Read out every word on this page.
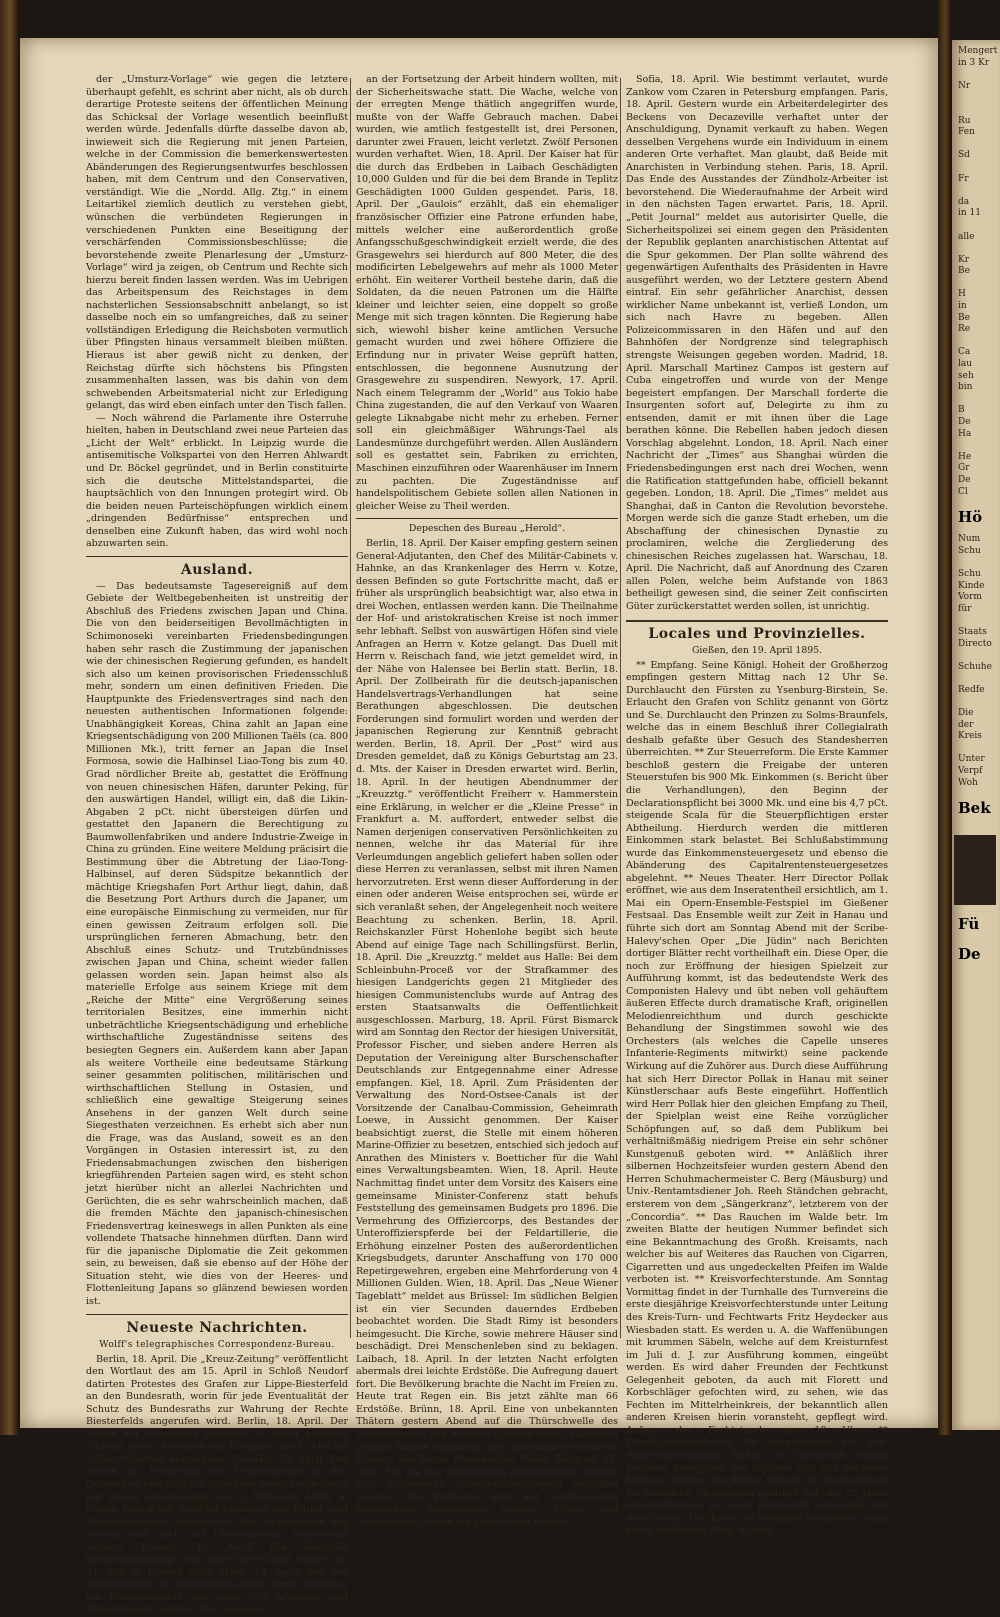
der „Umsturz-Vorlage“ wie gegen die letztere überhaupt gefehlt, es schrint aber nicht, als ob durch derartige Proteste seitens der öffentlichen Meinung das Schicksal der Vorlage wesentlich beeinflußt werden würde. Jedenfalls dürfte dasselbe davon ab, inwieweit sich die Regierung mit jenen Parteien, welche in der Commission die bemerkenswertesten Abänderungen des Regierungsentwurfes beschlossen haben, mit dem Centrum und den Conservativen, verständigt. Wie die „Nordd. Allg. Ztg.“ in einem Leitartikel ziemlich deutlich zu verstehen giebt, wünschen die verbündeten Regierungen in verschiedenen Punkten eine Beseitigung der verschärfenden Commissionsbeschlüsse; die bevorstehende zweite Plenarlesung der „Umsturz-Vorlage“ wird ja zeigen, ob Centrum und Rechte sich hierzu bereit finden lassen werden. Was im Uebrigen das Arbeitspensum des Reichstages in dem nachsterlichen Sessionsabschnitt anbelangt, so ist dasselbe noch ein so umfangreiches, daß zu seiner vollständigen Erledigung die Reichsboten vermutlich über Pfingsten hinaus versammelt bleiben müßten. Hieraus ist aber gewiß nicht zu denken, der Reichstag dürfte sich höchstens bis Pfingsten zusammenhalten lassen, was bis dahin von dem schwebenden Arbeitsmaterial nicht zur Erledigung gelangt, das wird eben einfach unter den Tisch fallen.

— Noch während die Parlamente ihre Osterruhe hielten, haben in Deutschland zwei neue Parteien das „Licht der Welt“ erblickt. In Leipzig wurde die antisemitische Volkspartei von den Herren Ahlwardt und Dr. Böckel gegründet, und in Berlin constituirte sich die deutsche Mittelstandspartei, die hauptsächlich von den Innungen protegirt wird. Ob die beiden neuen Parteischöpfungen wirklich einem „dringenden Bedürfnisse“ entsprechen und denselben eine Zukunft haben, das wird wohl noch abzuwarten sein.

Ausland.

— Das bedeutsamste Tagesereigniß auf dem Gebiete der Weltbegebenheiten ist unstreitig der Abschluß des Friedens zwischen Japan und China. Die von den beiderseitigen Bevollmächtigten in Schimonoseki vereinbarten Friedensbedingungen haben sehr rasch die Zustimmung der japanischen wie der chinesischen Regierung gefunden, es handelt sich also um keinen provisorischen Friedensschluß mehr, sondern um einen definitiven Frieden. Die Hauptpunkte des Friedensvertrages sind nach den neuesten authentischen Informationen folgende: Unabhängigkeit Koreas, China zahlt an Japan eine Kriegsentschädigung von 200 Millionen Taëls (ca. 800 Millionen Mk.), tritt ferner an Japan die Insel Formosa, sowie die Halbinsel Liao-Tong bis zum 40. Grad nördlicher Breite ab, gestattet die Eröffnung von neuen chinesischen Häfen, darunter Peking, für den auswärtigen Handel, willigt ein, daß die Likin-Abgaben 2 pCt. nicht übersteigen dürfen und gestattet den Japanern die Berechtigung zu Baumwollenfabriken und andere Industrie-Zweige in China zu gründen. Eine weitere Meldung präcisirt die Bestimmung über die Abtretung der Liao-Tong-Halbinsel, auf deren Südspitze bekanntlich der mächtige Kriegshafen Port Arthur liegt, dahin, daß die Besetzung Port Arthurs durch die Japaner, um eine europäische Einmischung zu vermeiden, nur für einen gewissen Zeitraum erfolgen soll. Die ursprünglichen ferneren Abmachung, betr. den Abschluß eines Schutz- und Trutzbündnisses zwischen Japan und China, scheint wieder fallen gelassen worden sein. Japan heimst also als materielle Erfolge aus seinem Kriege mit dem „Reiche der Mitte“ eine Vergrößerung seines territorialen Besitzes, eine immerhin nicht unbeträchtliche Kriegsentschädigung und erhebliche wirthschaftliche Zugeständnisse seitens des besiegten Gegners ein. Außerdem kann aber Japan als weitere Vortheile eine bedeutsame Stärkung seiner gesammten politischen, militärischen und wirthschaftlichen Stellung in Ostasien, und schließlich eine gewaltige Steigerung seines Ansehens in der ganzen Welt durch seine Siegesthaten verzeichnen. Es erhebt sich aber nun die Frage, was das Ausland, soweit es an den Vorgängen in Ostasien interessirt ist, zu den Friedensabmachungen zwischen den bisherigen kriegführenden Parteien sagen wird, es steht schon jetzt hierüber nicht an allerlei Nachrichten und Gerüchten, die es sehr wahrscheinlich machen, daß die fremden Mächte den japanisch-chinesischen Friedensvertrag keineswegs in allen Punkten als eine vollendete Thatsache hinnehmen dürften. Dann wird für die japanische Diplomatie die Zeit gekommen sein, zu beweisen, daß sie ebenso auf der Höhe der Situation steht, wie dies von der Heeres- und Flottenleitung Japans so glänzend bewiesen worden ist.

Neueste Nachrichten.
Wolff's telegraphisches Correspondenz-Bureau.

Berlin, 18. April. Die „Kreuz-Zeitung“ veröffentlicht den Wortlaut des am 15. April in Schloß Neudorf datirten Protestes des Grafen zur Lippe-Biesterfeld an den Bundesrath, worin für jede Eventualität der Schutz des Bundesraths zur Wahrung der Rechte Biesterfelds angerufen wird. Berlin, 18. April. Der Verein der Brauereien beschloß in seiner heutigen Sitzung, jedes Ansinnen auf Freigabe des 1. Mai als Arbeiterfeiertag abzulehnen. Breslau, 18. April. Der Verein zur Förderung des Deutschthums in den Ostmarken beschloß die Gründung einer Landesbank mit einem Grundcapital von 3 Millionen Mark in Posen. Zweck der Bank ist Deutsche aus Mittel- und Westdeutschland anzusiedeln. Die Organisation des Vereins soll auch auf Oberschlesien ausgedehnt werden. Lübeck, 18. April. Die feierliche Grundsteinlegung zum Elbe-Trave-Canal findet am 31. Mai in Lübeck statt. Wien, 18. April. Bei den Ziegelwerken am Wienerberge fand heute Vormittag ein Zusammenstoß von etwa 500 Arbeitern und Arbeiterinnen, welche ihre Genossen

an der Fortsetzung der Arbeit hindern wollten, mit der Sicherheitswache statt. Die Wache, welche von der erregten Menge thätlich angegriffen wurde, mußte von der Waffe Gebrauch machen. Dabei wurden, wie amtlich festgestellt ist, drei Personen, darunter zwei Frauen, leicht verletzt. Zwölf Personen wurden verhaftet. Wien, 18. April. Der Kaiser hat für die durch das Erdbeben in Laibach Geschädigten 10,000 Gulden und für die bei dem Brande in Teplitz Geschädigten 1000 Gulden gespendet. Paris, 18. April. Der „Gaulois“ erzählt, daß ein ehemaliger französischer Offizier eine Patrone erfunden habe, mittels welcher eine außerordentlich große Anfangsschußgeschwindigkeit erzielt werde, die des Grasgewehrs sei hierdurch auf 800 Meter, die des modificirten Lebelgewehrs auf mehr als 1000 Meter erhöht. Ein weiterer Vortheil bestehe darin, daß die Soldaten, da die neuen Patronen um die Hälfte kleiner und leichter seien, eine doppelt so große Menge mit sich tragen könnten. Die Regierung habe sich, wiewohl bisher keine amtlichen Versuche gemacht wurden und zwei höhere Offiziere die Erfindung nur in privater Weise geprüft hatten, entschlossen, die begonnene Ausnutzung der Grasgewehre zu suspendiren. Newyork, 17. April. Nach einem Telegramm der „World“ aus Tokio habe China zugestanden, die auf den Verkauf von Waaren gelegte Liknabgabe nicht mehr zu erheben. Ferner soll ein gleichmäßiger Währungs-Tael als Landesmünze durchgeführt werden. Allen Ausländern soll es gestattet sein, Fabriken zu errichten, Maschinen einzuführen oder Waarenhäuser im Innern zu pachten. Die Zugeständnisse auf handelspolitischem Gebiete sollen allen Nationen in gleicher Weise zu Theil werden.

Depeschen des Bureau „Herold“.

Berlin, 18. April. Der Kaiser empfing gestern seinen General-Adjutanten, den Chef des Militär-Cabinets v. Hahnke, an das Krankenlager des Herrn v. Kotze, dessen Befinden so gute Fortschritte macht, daß er früher als ursprünglich beabsichtigt war, also etwa in drei Wochen, entlassen werden kann. Die Theilnahme der Hof- und aristokratischen Kreise ist noch immer sehr lebhaft. Selbst von auswärtigen Höfen sind viele Anfragen an Herrn v. Kotze gelangt. Das Duell mit Herrn v. Reischach fand, wie jetzt gemeldet wird, in der Nähe von Halensee bei Berlin statt. Berlin, 18. April. Der Zollbeirath für die deutsch-japanischen Handelsvertrags-Verhandlungen hat seine Berathungen abgeschlossen. Die deutschen Forderungen sind formulirt worden und werden der japanischen Regierung zur Kenntniß gebracht werden. Berlin, 18. April. Der „Post“ wird aus Dresden gemeldet, daß zu Königs Geburtstag am 23. d. Mts. der Kaiser in Dresden erwartet wird. Berlin, 18. April. In der heutigen Abendnummer der „Kreuzztg.“ veröffentlicht Freiherr v. Hammerstein eine Erklärung, in welcher er die „Kleine Presse“ in Frankfurt a. M. auffordert, entweder selbst die Namen derjenigen conservativen Persönlichkeiten zu nennen, welche ihr das Material für ihre Verleumdungen angeblich geliefert haben sollen oder diese Herren zu veranlassen, selbst mit ihren Namen hervorzutreten. Erst wenn dieser Aufforderung in der einen oder anderen Weise entsprochen sei, würde er sich veranlaßt sehen, der Angelegenheit noch weitere Beachtung zu schenken. Berlin, 18. April. Reichskanzler Fürst Hohenlohe begibt sich heute Abend auf einige Tage nach Schillingsfürst. Berlin, 18. April. Die „Kreuzztg.“ meldet aus Halle: Bei dem Schleinbuhn-Proceß vor der Strafkammer des hiesigen Landgerichts gegen 21 Mitglieder des hiesigen Communistenclubs wurde auf Antrag des ersten Staatsanwalts die Oeffentlichkeit ausgeschlossen. Marburg, 18. April. Fürst Bismarck wird am Sonntag den Rector der hiesigen Universität, Professor Fischer, und sieben andere Herren als Deputation der Vereinigung alter Burschenschafter Deutschlands zur Entgegennahme einer Adresse empfangen. Kiel, 18. April. Zum Präsidenten der Verwaltung des Nord-Ostsee-Canals ist der Vorsitzende der Canalbau-Commission, Geheimrath Loewe, in Aussicht genommen. Der Kaiser beabsichtigt zuerst, die Stelle mit einem höheren Marine-Offizier zu besetzen, entschied sich jedoch auf Anrathen des Ministers v. Boetticher für die Wahl eines Verwaltungsbeamten. Wien, 18. April. Heute Nachmittag findet unter dem Vorsitz des Kaisers eine gemeinsame Minister-Conferenz statt behufs Feststellung des gemeinsamen Budgets pro 1896. Die Vermehrung des Offiziercorps, des Bestandes der Unteroffizierspferde bei der Feldartillerie, die Erhöhung einzelner Posten des außerordentlichen Kriegsbudgets, darunter Anschaffung von 170 000 Repetirgewehren, ergeben eine Mehrforderung von 4 Millionen Gulden. Wien, 18. April. Das „Neue Wiener Tageblatt“ meldet aus Brüssel: Im südlichen Belgien ist ein vier Secunden dauerndes Erdbeben beobachtet worden. Die Stadt Rimy ist besonders heimgesucht. Die Kirche, sowie mehrere Häuser sind beschädigt. Drei Menschenleben sind zu beklagen. Laibach, 18. April. In der letzten Nacht erfolgten abermals drei leichte Erdstöße. Die Aufregung dauert fort. Die Bevölkerung brachte die Nacht im Freien zu. Heute trat Regen ein. Bis jetzt zählte man 66 Erdstöße. Brünn, 18. April. Eine von unbekannten Thätern gestern Abend auf die Thürschwelle des Vereinshauses des Arbeiter-Gesangvereins Valeslavin gelegte Bombe explodirte und zertrümmerte mehrere Fenster des Baron Prazakschen Palais. Belgrad, 18. April. Für die hier übermorgen stattfindenden Wahlen sind umfassende Sicherheitsmaßregeln getroffen worden. Die Präfecten sind mit weitgehenden Vollmachten ausgestattet worden. Militär und Gendarmerie halten die ganze Stadt besetzt.

Sofia, 18. April. Wie bestimmt verlautet, wurde Zankow vom Czaren in Petersburg empfangen. Paris, 18. April. Gestern wurde ein Arbeiterdelegirter des Beckens von Decazeville verhaftet unter der Anschuldigung, Dynamit verkauft zu haben. Wegen desselben Vergehens wurde ein Individuum in einem anderen Orte verhaftet. Man glaubt, daß Beide mit Anarchisten in Verbindung stehen. Paris, 18. April. Das Ende des Ausstandes der Zündholz-Arbeiter ist bevorstehend. Die Wiederaufnahme der Arbeit wird in den nächsten Tagen erwartet. Paris, 18. April. „Petit Journal“ meldet aus autorisirter Quelle, die Sicherheitspolizei sei einem gegen den Präsidenten der Republik geplanten anarchistischen Attentat auf die Spur gekommen. Der Plan sollte während des gegenwärtigen Aufenthalts des Präsidenten in Havre ausgeführt werden, wo der Letztere gestern Abend eintraf. Ein sehr gefährlicher Anarchist, dessen wirklicher Name unbekannt ist, verließ London, um sich nach Havre zu begeben. Allen Polizeicommissaren in den Häfen und auf den Bahnhöfen der Nordgrenze sind telegraphisch strengste Weisungen gegeben worden. Madrid, 18. April. Marschall Martinez Campos ist gestern auf Cuba eingetroffen und wurde von der Menge begeistert empfangen. Der Marschall forderte die Insurgenten sofort auf, Delegirte zu ihm zu entsenden, damit er mit ihnen über die Lage berathen könne. Die Rebellen haben jedoch diesen Vorschlag abgelehnt. London, 18. April. Nach einer Nachricht der „Times“ aus Shanghai würden die Friedensbedingungen erst nach drei Wochen, wenn die Ratification stattgefunden habe, officiell bekannt gegeben. London, 18. April. Die „Times“ meldet aus Shanghai, daß in Canton die Revolution bevorstehe. Morgen werde sich die ganze Stadt erheben, um die Abschaffung der chinesischen Dynastie zu proclamiren, welche die Zergliederung des chinesischen Reiches zugelassen hat. Warschau, 18. April. Die Nachricht, daß auf Anordnung des Czaren allen Polen, welche beim Aufstande von 1863 betheiligt gewesen sind, die seiner Zeit confiscirten Güter zurückerstattet werden sollen, ist unrichtig.

Locales und Provinzielles.
Gießen, den 19. April 1895.

** Empfang. Seine Königl. Hoheit der Großherzog empfingen gestern Mittag nach 12 Uhr Se. Durchlaucht den Fürsten zu Ysenburg-Birstein, Se. Erlaucht den Grafen von Schlitz genannt von Görtz und Se. Durchlaucht den Prinzen zu Solms-Braunfels, welche das in einem Beschluß ihrer Collegialrath deshalb gefaßte über Gesuch des Standesherren überreichten. ** Zur Steuerreform. Die Erste Kammer beschloß gestern die Freigabe der unteren Steuerstufen bis 900 Mk. Einkommen (s. Bericht über die Verhandlungen), den Beginn der Declarationspflicht bei 3000 Mk. und eine bis 4,7 pCt. steigende Scala für die Steuerpflichtigen erster Abtheilung. Hierdurch werden die mittleren Einkommen stark belastet. Bei Schlußabstimmung wurde das Einkommensteuergesetz und ebenso die Abänderung des Capitalrentensteuergesetzes abgelehnt. ** Neues Theater. Herr Director Pollak eröffnet, wie aus dem Inseratentheil ersichtlich, am 1. Mai ein Opern-Ensemble-Festspiel im Gießener Festsaal. Das Ensemble weilt zur Zeit in Hanau und führte sich dort am Sonntag Abend mit der Scribe-Halevy'schen Oper „Die Jüdin“ nach Berichten dortiger Blätter recht vortheilhaft ein. Diese Oper, die noch zur Eröffnung der hiesigen Spielzeit zur Aufführung kommt, ist das bedeutendste Werk des Componisten Halevy und übt neben voll gehäuftem äußeren Effecte durch dramatische Kraft, originellen Melodienreichthum und durch geschickte Behandlung der Singstimmen sowohl wie des Orchesters (als welches die Capelle unseres Infanterie-Regiments mitwirkt) seine packende Wirkung auf die Zuhörer aus. Durch diese Aufführung hat sich Herr Director Pollak in Hanau mit seiner Künstlerschaar aufs Beste eingeführt. Hoffentlich wird Herr Pollak hier den gleichen Empfang zu Theil, der Spielplan weist eine Reihe vorzüglicher Schöpfungen auf, so daß dem Publikum bei verhältnißmäßig niedrigem Preise ein sehr schöner Kunstgenuß geboten wird. ** Anläßlich ihrer silbernen Hochzeitsfeier wurden gestern Abend den Herren Schuhmachermeister C. Berg (Mäusburg) und Univ.-Rentamtsdiener Joh. Reeh Ständchen gebracht, ersterem von dem „Sängerkranz“, letzterem von der „Concordia“. ** Das Rauchen im Walde betr. Im zweiten Blatte der heutigen Nummer befindet sich eine Bekanntmachung des Großh. Kreisamts, nach welcher bis auf Weiteres das Rauchen von Cigarren, Cigarretten und aus ungedeckelten Pfeifen im Walde verboten ist. ** Kreisvorfechterstunde. Am Sonntag Vormittag findet in der Turnhalle des Turnvereins die erste diesjährige Kreisvorfechterstunde unter Leitung des Kreis-Turn- und Fechtwarts Fritz Heydecker aus Wiesbaden statt. Es werden u. A. die Waffenübungen mit krummen Säbeln, welche auf dem Kreisturnfest im Juli d. J. zur Ausführung kommen, eingeübt werden. Es wird daher Freunden der Fechtkunst Gelegenheit geboten, da auch mit Florett und Korbschläger gefochten wird, zu sehen, wie das Fechten im Mittelrheinkreis, der bekanntlich allen anderen Kreisen hierin voransteht, gepflegt wird. Anfang der Fechtstunde um 10 Uhr. ** Dienstjubiläumskreuz. Im Schaufenster der Hof-Silberwaarenfabrik Birkle zu Darmstadt liegen mehrere Exemplare des Diploms und des goldenen Kreuzes, welche Ihre Königl. Hoheit die Großherzogin für weibliche Dienstboten gestiftet hat, die 25 Jahre ununterbrochen bei einer Herrschaft bedienstet, zur Ansicht aus. Das Kreuz, in Mattgold hergestellt, zeigt einen erhabenen Ring, in dem

Mengert
in 3 Kr

Nr

Ru
Fen

Sd

Fr

da
in 11

alle

Kr
Be

H
in
Be
Re

Ca
lau
seh
bin

B
De
Ha

He
Gr
De
Cl
Hö
Num
Schu

Schu
Kinde
Vorm
für

Staats
Directo

Schuhe

Redfe

Die
der
Kreis

Unter
Verpf
Woh
Bek
Fü
De
